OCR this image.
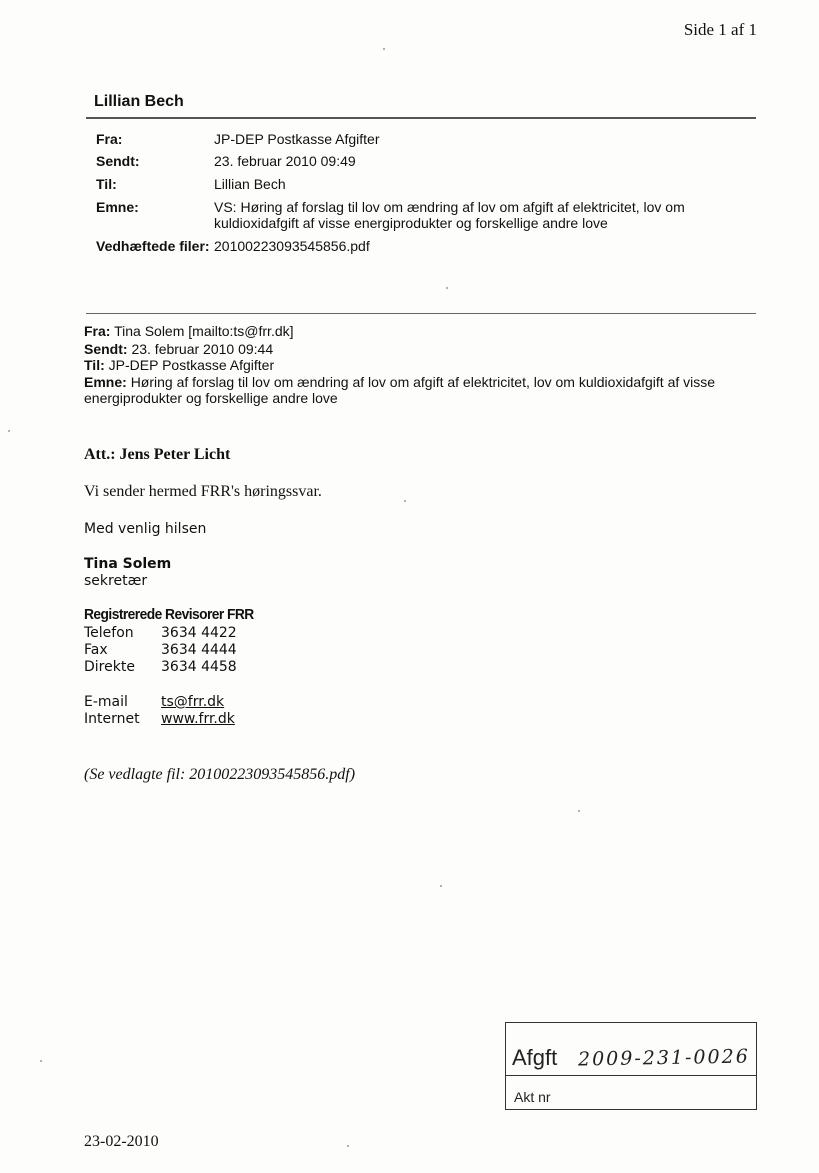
Side 1 af 1
Lillian Bech
Fra:	JP-DEP Postkasse Afgifter
Sendt:	23. februar 2010 09:49
Til:	Lillian Bech
Emne:	VS: Høring af forslag til lov om ændring af lov om afgift af elektricitet, lov om kuldioxidafgift af visse energiprodukter og forskellige andre love
Vedhæftede filer: 20100223093545856.pdf
Fra: Tina Solem [mailto:ts@frr.dk]
Sendt: 23. februar 2010 09:44
Til: JP-DEP Postkasse Afgifter
Emne: Høring af forslag til lov om ændring af lov om afgift af elektricitet, lov om kuldioxidafgift af visse energiprodukter og forskellige andre love
Att.: Jens Peter Licht
Vi sender hermed FRR's høringssvar.
Med venlig hilsen
Tina Solem
sekretær
Registrerede Revisorer FRR
Telefon 3634 4422
Fax	3634 4444
Direkte 3634 4458
E-mail ts@frr.dk
Internet www.frr.dk
(Se vedlagte fil: 20100223093545856.pdf)
Afgft 2009-231-0026
Akt nr
23-02-2010
